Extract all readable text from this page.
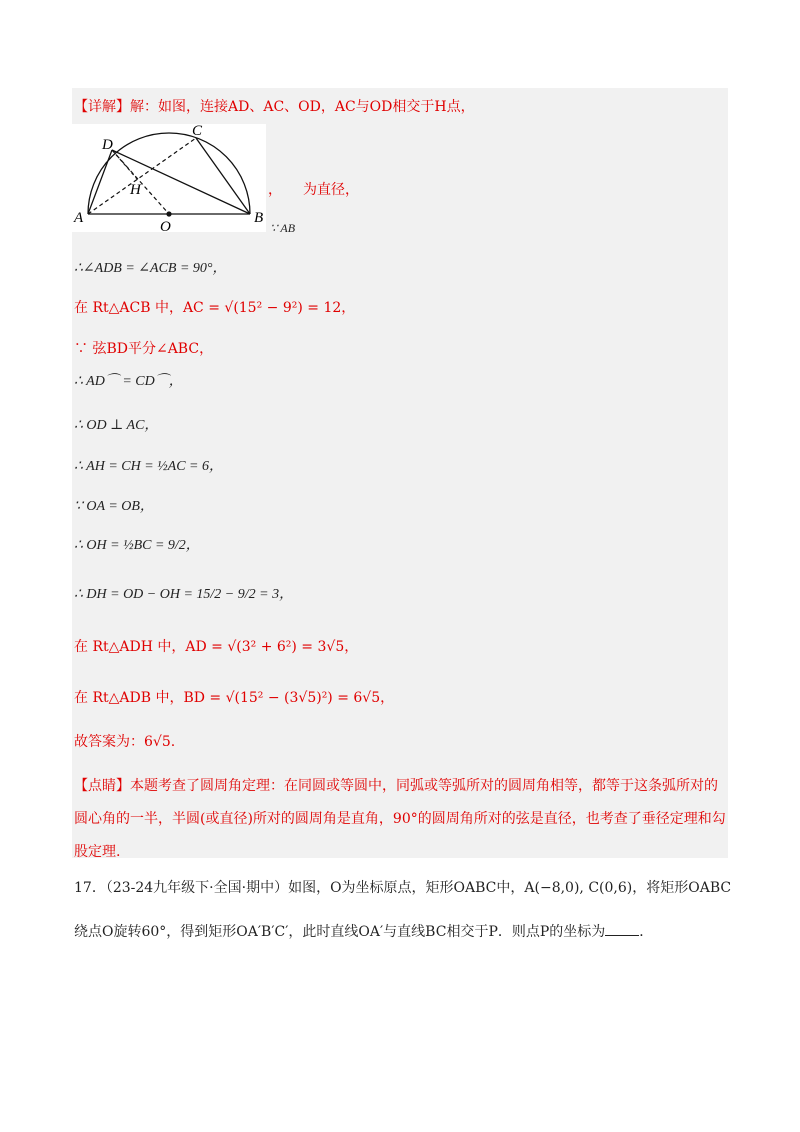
【详解】解：如图，连接AD、AC、OD，AC与OD相交于H点，
A	B
C
D
O
H	，　　为直径，
∵ AB
∴∠ADB = ∠ACB = 90°，
在 Rt△ACB 中，AC = √(15² − 9²) = 12，
∵ 弦BD平分∠ABC，
∴ AD⌒ = CD⌒，
∴ OD ⊥ AC，
∴ AH = CH = ½AC = 6，
∵ OA = OB，
∴ OH = ½BC = 9/2，
∴ DH = OD − OH = 15/2 − 9/2 = 3，
在 Rt△ADH 中，AD = √(3² + 6²) = 3√5，
在 Rt△ADB 中，BD = √(15² − (3√5)²) = 6√5，
故答案为：6√5.
【点睛】本题考查了圆周角定理：在同圆或等圆中，同弧或等弧所对的圆周角相等，都等于这条弧所对的
圆心角的一半，半圆(或直径)所对的圆周角是直角，90°的圆周角所对的弦是直径，也考查了垂径定理和勾
股定理.
17．（23-24九年级下·全国·期中）如图，O为坐标原点，矩形OABC中，A(−8,0), C(0,6)，将矩形OABC
绕点O旋转60°，得到矩形OA′B′C′，此时直线OA′与直线BC相交于P．则点P的坐标为 ．
